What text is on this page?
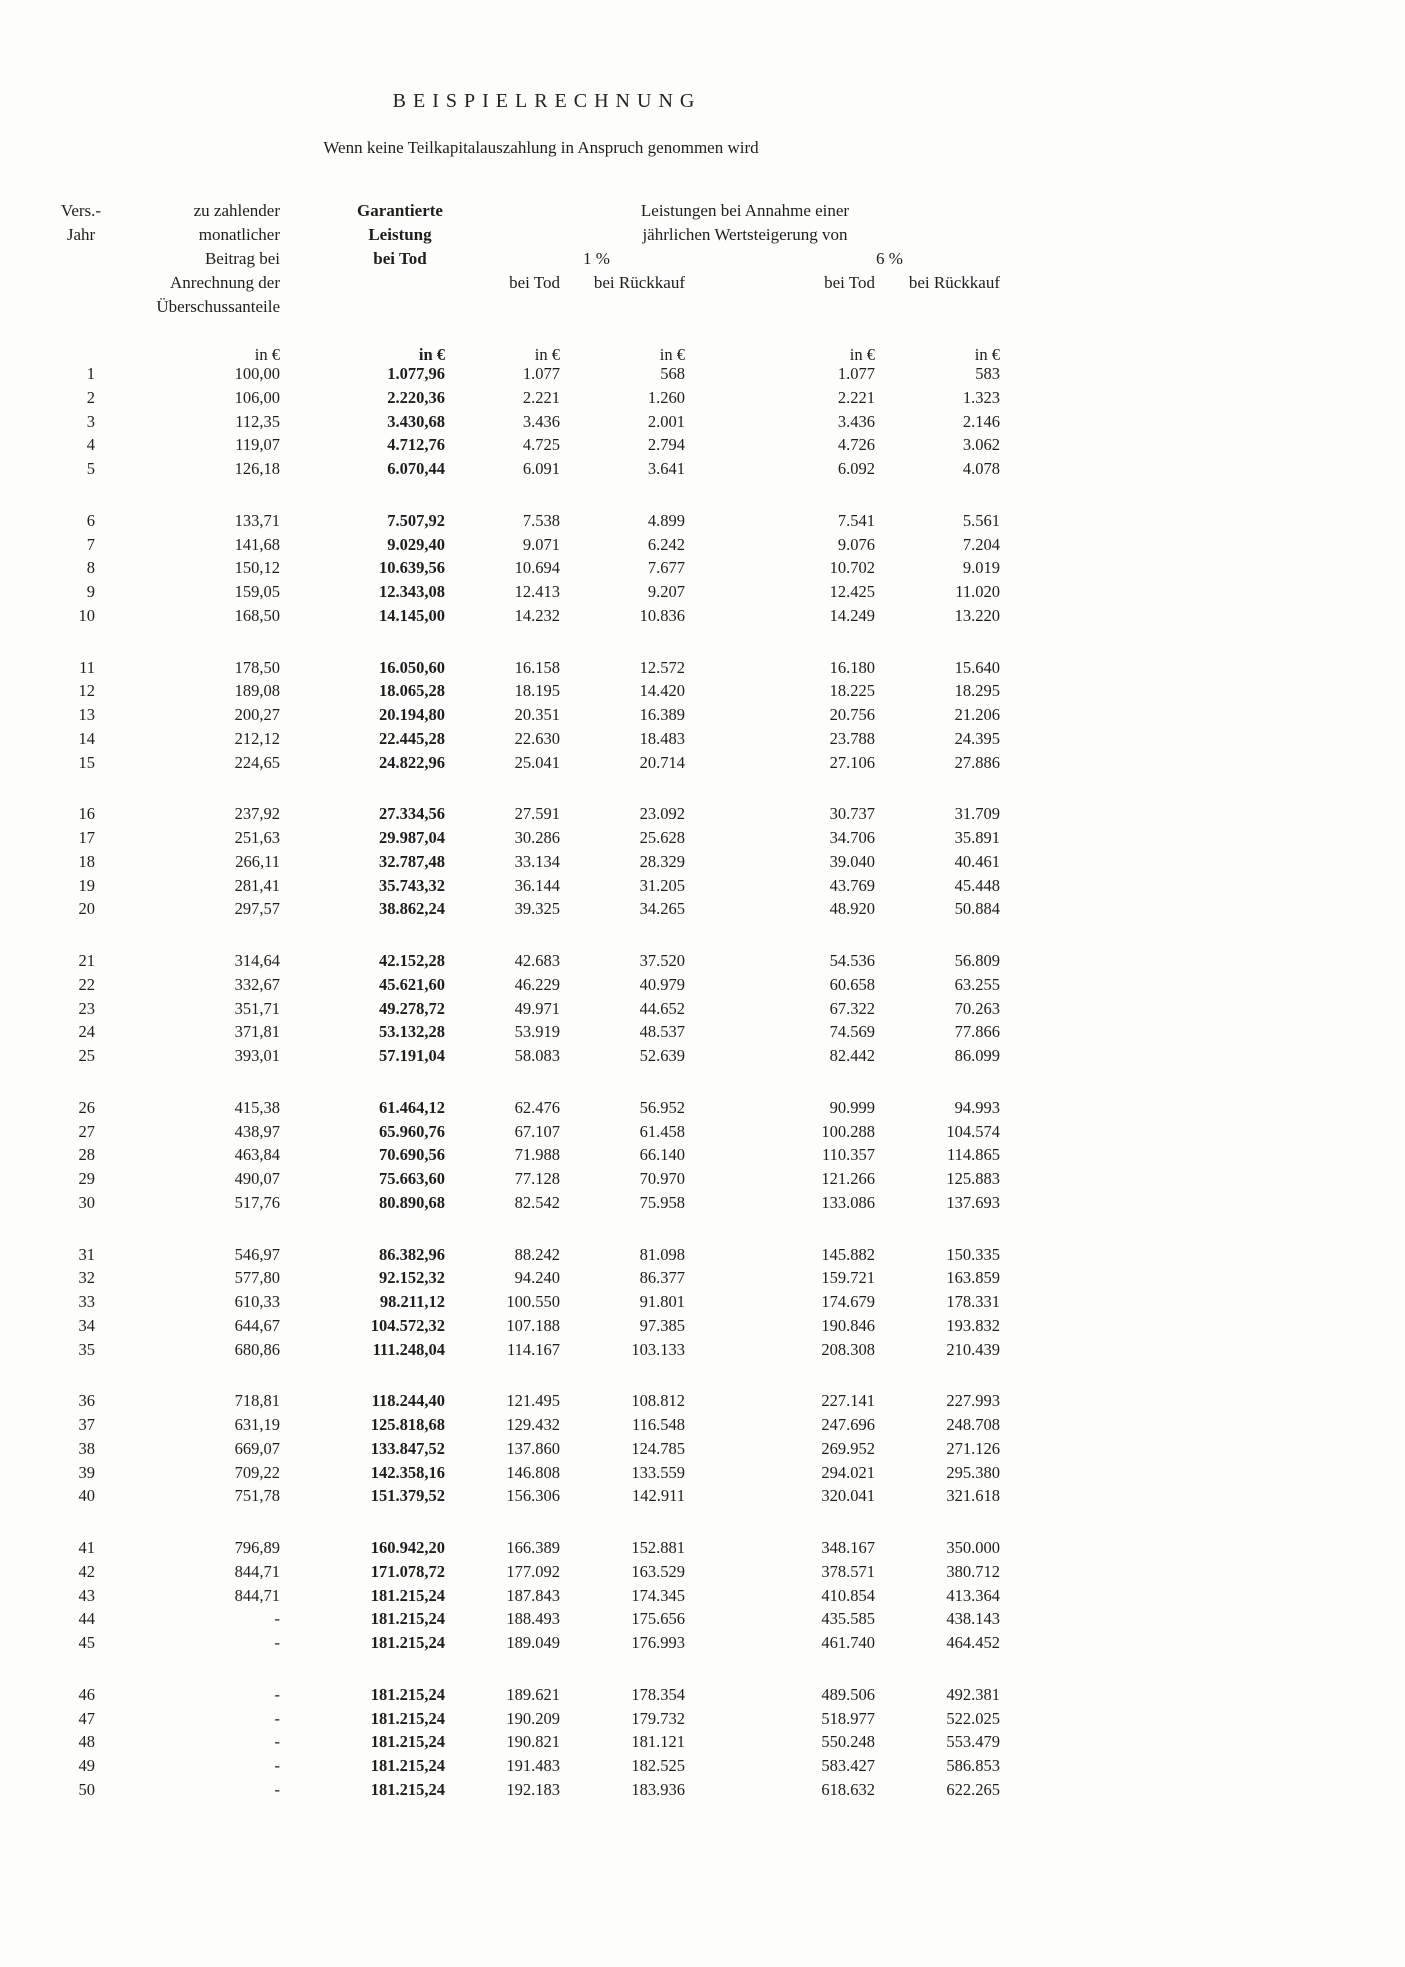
BEISPIELRECHNUNG
Wenn keine Teilkapitalauszahlung in Anspruch genommen wird
Vers.-
Jahr
zu zahlender
monatlicher
Beitrag bei
Anrechnung der
Überschussanteile
Garantierte
Leistung
bei Tod
Leistungen bei Annahme einer
jährlichen Wertsteigerung von
1 %	6 %
bei Tod	bei Rückkauf	bei Tod	bei Rückkauf
in €	in €	in €	in €	in €	in €
1	100,00	1.077,96	1.077	568	1.077	583
2	106,00	2.220,36	2.221	1.260	2.221	1.323
3	112,35	3.430,68	3.436	2.001	3.436	2.146
4	119,07	4.712,76	4.725	2.794	4.726	3.062
5	126,18	6.070,44	6.091	3.641	6.092	4.078
6	133,71	7.507,92	7.538	4.899	7.541	5.561
7	141,68	9.029,40	9.071	6.242	9.076	7.204
8	150,12	10.639,56	10.694	7.677	10.702	9.019
9	159,05	12.343,08	12.413	9.207	12.425	11.020
10	168,50	14.145,00	14.232	10.836	14.249	13.220
11	178,50	16.050,60	16.158	12.572	16.180	15.640
12	189,08	18.065,28	18.195	14.420	18.225	18.295
13	200,27	20.194,80	20.351	16.389	20.756	21.206
14	212,12	22.445,28	22.630	18.483	23.788	24.395
15	224,65	24.822,96	25.041	20.714	27.106	27.886
16	237,92	27.334,56	27.591	23.092	30.737	31.709
17	251,63	29.987,04	30.286	25.628	34.706	35.891
18	266,11	32.787,48	33.134	28.329	39.040	40.461
19	281,41	35.743,32	36.144	31.205	43.769	45.448
20	297,57	38.862,24	39.325	34.265	48.920	50.884
21	314,64	42.152,28	42.683	37.520	54.536	56.809
22	332,67	45.621,60	46.229	40.979	60.658	63.255
23	351,71	49.278,72	49.971	44.652	67.322	70.263
24	371,81	53.132,28	53.919	48.537	74.569	77.866
25	393,01	57.191,04	58.083	52.639	82.442	86.099
26	415,38	61.464,12	62.476	56.952	90.999	94.993
27	438,97	65.960,76	67.107	61.458	100.288	104.574
28	463,84	70.690,56	71.988	66.140	110.357	114.865
29	490,07	75.663,60	77.128	70.970	121.266	125.883
30	517,76	80.890,68	82.542	75.958	133.086	137.693
31	546,97	86.382,96	88.242	81.098	145.882	150.335
32	577,80	92.152,32	94.240	86.377	159.721	163.859
33	610,33	98.211,12	100.550	91.801	174.679	178.331
34	644,67	104.572,32	107.188	97.385	190.846	193.832
35	680,86	111.248,04	114.167	103.133	208.308	210.439
36	718,81	118.244,40	121.495	108.812	227.141	227.993
37	631,19	125.818,68	129.432	116.548	247.696	248.708
38	669,07	133.847,52	137.860	124.785	269.952	271.126
39	709,22	142.358,16	146.808	133.559	294.021	295.380
40	751,78	151.379,52	156.306	142.911	320.041	321.618
41	796,89	160.942,20	166.389	152.881	348.167	350.000
42	844,71	171.078,72	177.092	163.529	378.571	380.712
43	844,71	181.215,24	187.843	174.345	410.854	413.364
44	-	181.215,24	188.493	175.656	435.585	438.143
45	-	181.215,24	189.049	176.993	461.740	464.452
46	-	181.215,24	189.621	178.354	489.506	492.381
47	-	181.215,24	190.209	179.732	518.977	522.025
48	-	181.215,24	190.821	181.121	550.248	553.479
49	-	181.215,24	191.483	182.525	583.427	586.853
50	-	181.215,24	192.183	183.936	618.632	622.265
